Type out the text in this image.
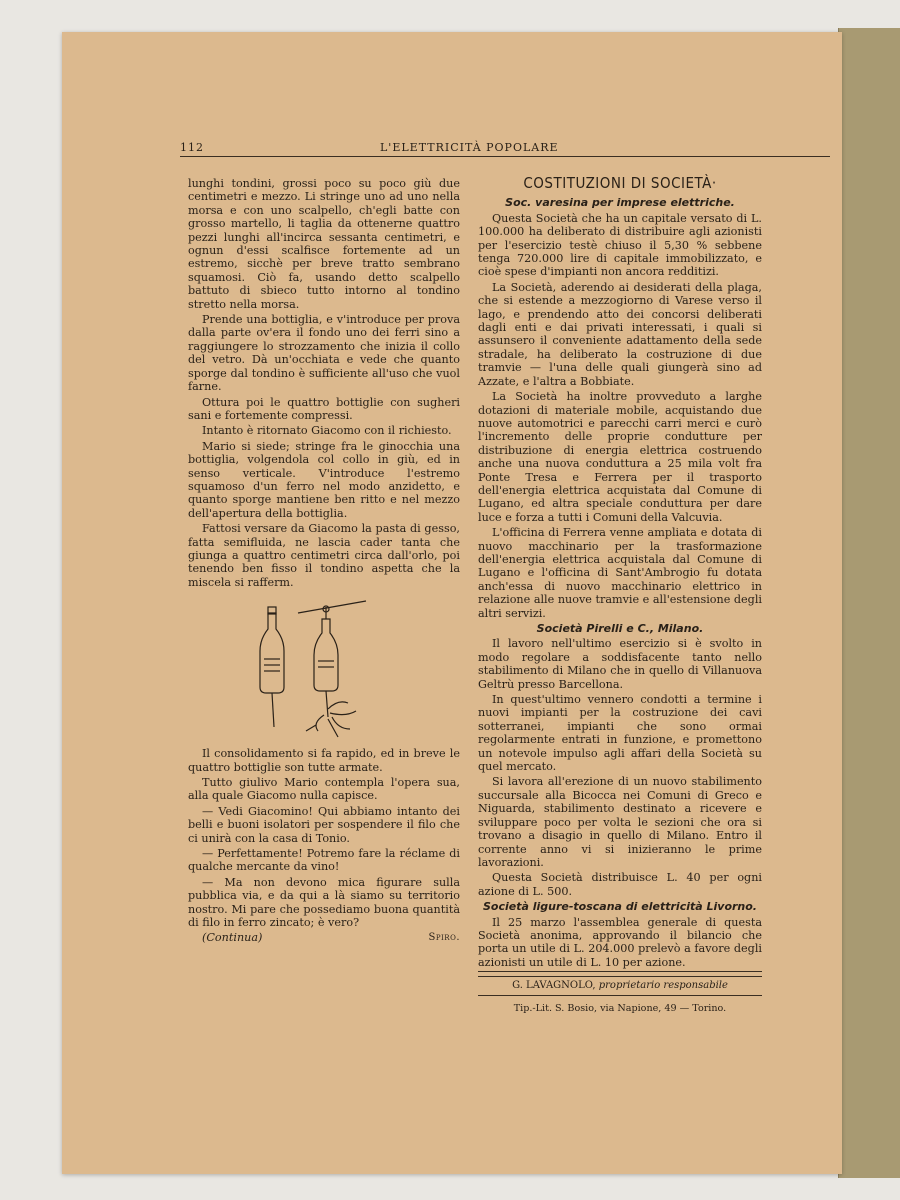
112	L'ELETTRICITÀ POPOLARE

lunghi tondini, grossi poco su poco giù due centimetri e mezzo. Li stringe uno ad uno nella morsa e con uno scalpello, ch'egli batte con grosso martello, li taglia da ottenerne quattro pezzi lunghi all'incirca sessanta centimetri, e ognun d'essi scalfisce fortemente ad un estremo, sicchè per breve tratto sembrano squamosi. Ciò fa, usando detto scalpello battuto di sbieco tutto intorno al tondino stretto nella morsa.

Prende una bottiglia, e v'introduce per prova dalla parte ov'era il fondo uno dei ferri sino a raggiungere lo strozzamento che inizia il collo del vetro. Dà un'occhiata e vede che quanto sporge dal tondino è sufficiente all'uso che vuol farne.

Ottura poi le quattro bottiglie con sugheri sani e fortemente compressi.

Intanto è ritornato Giacomo con il richiesto.

Mario si siede; stringe fra le ginocchia una bottiglia, volgendola col collo in giù, ed in senso verticale. V'introduce l'estremo squamoso d'un ferro nel modo anzidetto, e quanto sporge mantiene ben ritto e nel mezzo dell'apertura della bottiglia.

Fattosi versare da Giacomo la pasta di gesso, fatta semifluida, ne lascia cader tanta che giunga a quattro centimetri circa dall'orlo, poi tenendo ben fisso il tondino aspetta che la miscela si rafferm.

Il consolidamento si fa rapido, ed in breve le quattro bottiglie son tutte armate.

Tutto giulivo Mario contempla l'opera sua, alla quale Giacomo nulla capisce.

— Vedi Giacomino! Qui abbiamo intanto dei belli e buoni isolatori per sospendere il filo che ci unirà con la casa di Tonio.

— Perfettamente! Potremo fare la réclame di qualche mercante da vino!

— Ma non devono mica figurare sulla pubblica via, e da qui a là siamo su territorio nostro. Mi pare che possediamo buona quantità di filo in ferro zincato; è vero?

(Continua)	Spiro.
COSTITUZIONI DI SOCIETÀ·
Soc. varesina per imprese elettriche.

Questa Società che ha un capitale versato di L. 100.000 ha deliberato di distribuire agli azionisti per l'esercizio testè chiuso il 5,30 % sebbene tenga 720.000 lire di capitale immobilizzato, e cioè spese d'impianti non ancora redditizi.

La Società, aderendo ai desiderati della plaga, che si estende a mezzogiorno di Varese verso il lago, e prendendo atto dei concorsi deliberati dagli enti e dai privati interessati, i quali si assunsero il conveniente adattamento della sede stradale, ha deliberato la costruzione di due tramvie — l'una delle quali giungerà sino ad Azzate, e l'altra a Bobbiate.

La Società ha inoltre provveduto a larghe dotazioni di materiale mobile, acquistando due nuove automotrici e parecchi carri merci e curò l'incremento delle proprie condutture per distribuzione di energia elettrica costruendo anche una nuova conduttura a 25 mila volt fra Ponte Tresa e Ferrera per il trasporto dell'energia elettrica acquistata dal Comune di Lugano, ed altra speciale conduttura per dare luce e forza a tutti i Comuni della Valcuvia.

L'officina di Ferrera venne ampliata e dotata di nuovo macchinario per la trasformazione dell'energia elettrica acquistala dal Comune di Lugano e l'officina di Sant'Ambrogio fu dotata anch'essa di nuovo macchinario elettrico in relazione alle nuove tramvie e all'estensione degli altri servizi.

Società Pirelli e C., Milano.

Il lavoro nell'ultimo esercizio si è svolto in modo regolare a soddisfacente tanto nello stabilimento di Milano che in quello di Villanuova Geltrù presso Barcellona.

In quest'ultimo vennero condotti a termine i nuovi impianti per la costruzione dei cavi sotterranei, impianti che sono ormai regolarmente entrati in funzione, e promettono un notevole impulso agli affari della Società su quel mercato.

Si lavora all'erezione di un nuovo stabilimento succursale alla Bicocca nei Comuni di Greco e Niguarda, stabilimento destinato a ricevere e sviluppare poco per volta le sezioni che ora si trovano a disagio in quello di Milano. Entro il corrente anno vi si inizieranno le prime lavorazioni.

Questa Società distribuisce L. 40 per ogni azione di L. 500.

Società ligure-toscana di elettricità Livorno.

Il 25 marzo l'assemblea generale di questa Società anonima, approvando il bilancio che porta un utile di L. 204.000 prelevò a favore degli azionisti un utile di L. 10 per azione.

G. LAVAGNOLO, proprietario responsabile
Tip.-Lit. S. Bosio, via Napione, 49 — Torino.
